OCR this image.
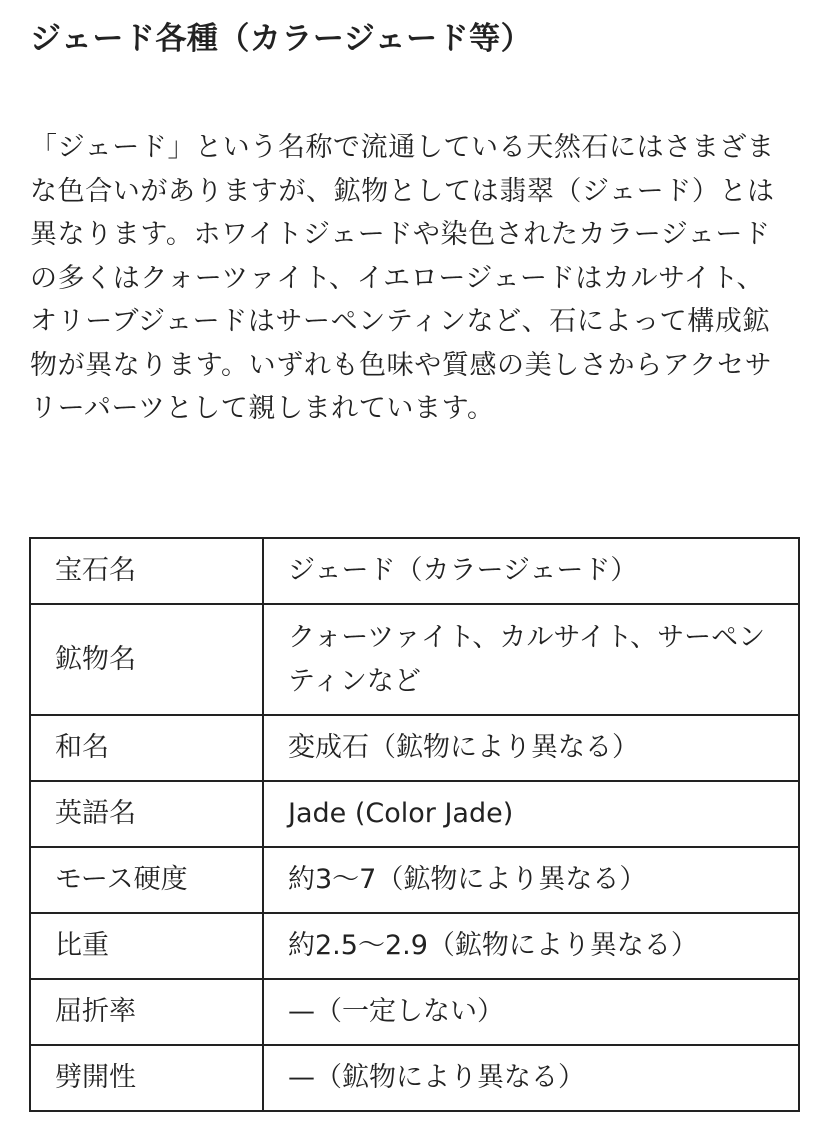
ジェード各種（カラージェード等）

「ジェード」という名称で流通している天然石にはさまざまな色合いがありますが、鉱物としては翡翠（ジェード）とは異なります。ホワイトジェードや染色されたカラージェードの多くはクォーツァイト、イエロージェードはカルサイト、オリーブジェードはサーペンティンなど、石によって構成鉱物が異なります。いずれも色味や質感の美しさからアクセサリーパーツとして親しまれています。

宝石名	ジェード（カラージェード）
鉱物名	クォーツァイト、カルサイト、サーペンティンなど
和名	変成石（鉱物により異なる）
英語名	Jade (Color Jade)
モース硬度	約3〜7（鉱物により異なる）
比重	約2.5〜2.9（鉱物により異なる）
屈折率	—（一定しない）
劈開性	—（鉱物により異なる）
